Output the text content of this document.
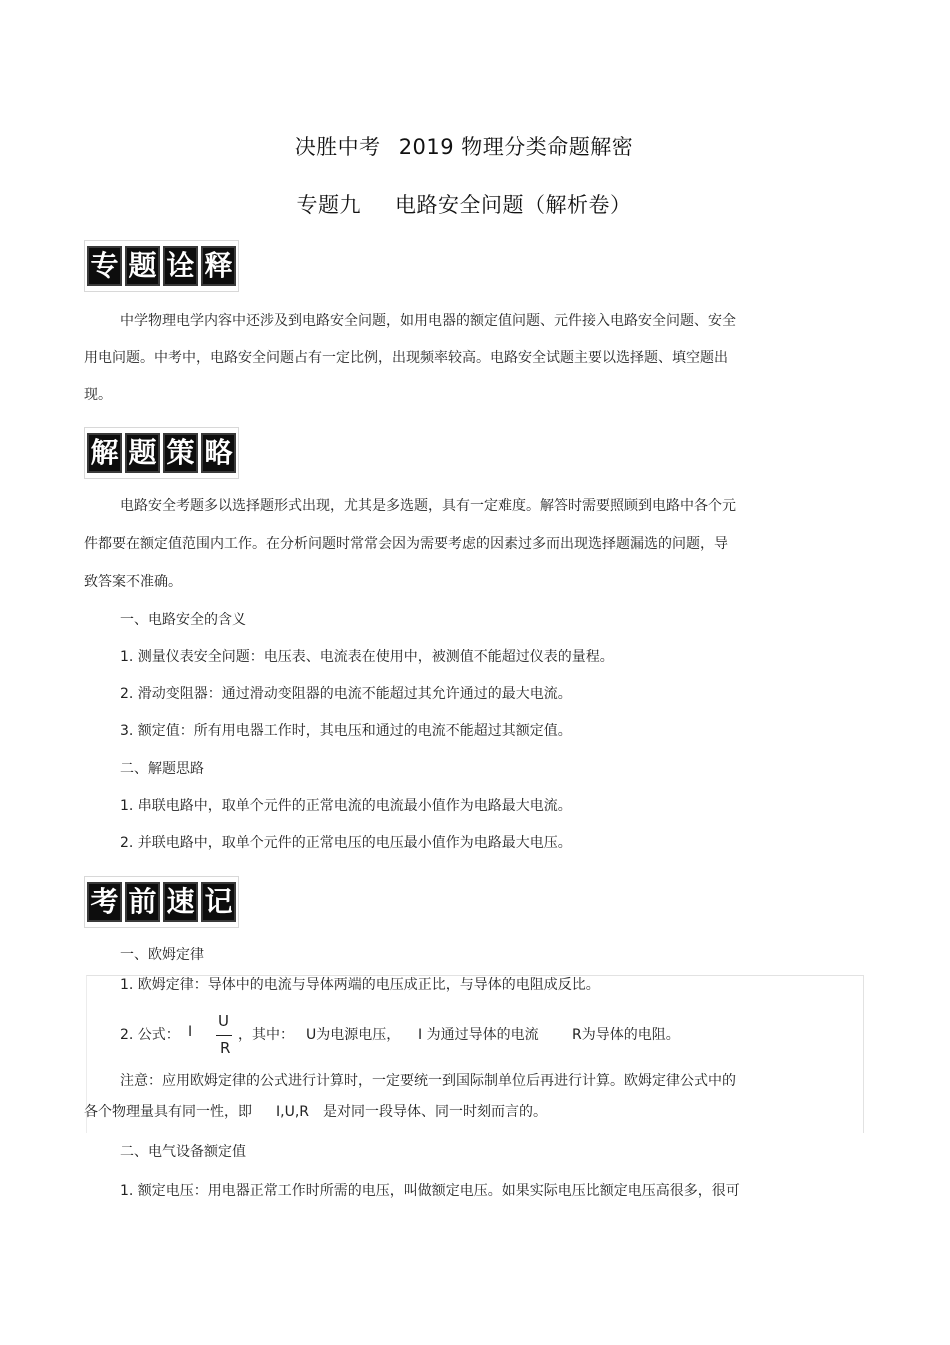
决胜中考 2019 物理分类命题解密
专题九 电路安全问题（解析卷）
专 题 诠 释
中学物理电学内容中还涉及到电路安全问题，如用电器的额定值问题、元件接入电路安全问题、安全
用电问题。中考中，电路安全问题占有一定比例，出现频率较高。电路安全试题主要以选择题、填空题出
现。
解 题 策 略
电路安全考题多以选择题形式出现，尤其是多选题，具有一定难度。解答时需要照顾到电路中各个元
件都要在额定值范围内工作。在分析问题时常常会因为需要考虑的因素过多而出现选择题漏选的问题，导
致答案不准确。
一、电路安全的含义
1. 测量仪表安全问题：电压表、电流表在使用中，被测值不能超过仪表的量程。
2. 滑动变阻器：通过滑动变阻器的电流不能超过其允许通过的最大电流。
3. 额定值：所有用电器工作时，其电压和通过的电流不能超过其额定值。
二、解题思路
1. 串联电路中，取单个元件的正常电流的电流最小值作为电路最大电流。
2. 并联电路中，取单个元件的正常电压的电压最小值作为电路最大电压。
考 前 速 记
一、欧姆定律
1. 欧姆定律：导体中的电流与导体两端的电压成正比，与导体的电阻成反比。
2. 公式： I
U
R
，其中： U为电源电压， I 为通过导体的电流 R为导体的电阻。
注意：应用欧姆定律的公式进行计算时，一定要统一到国际制单位后再进行计算。欧姆定律公式中的
各个物理量具有同一性，即 I,U,R 是对同一段导体、同一时刻而言的。
二、电气设备额定值
1. 额定电压：用电器正常工作时所需的电压，叫做额定电压。如果实际电压比额定电压高很多，很可
